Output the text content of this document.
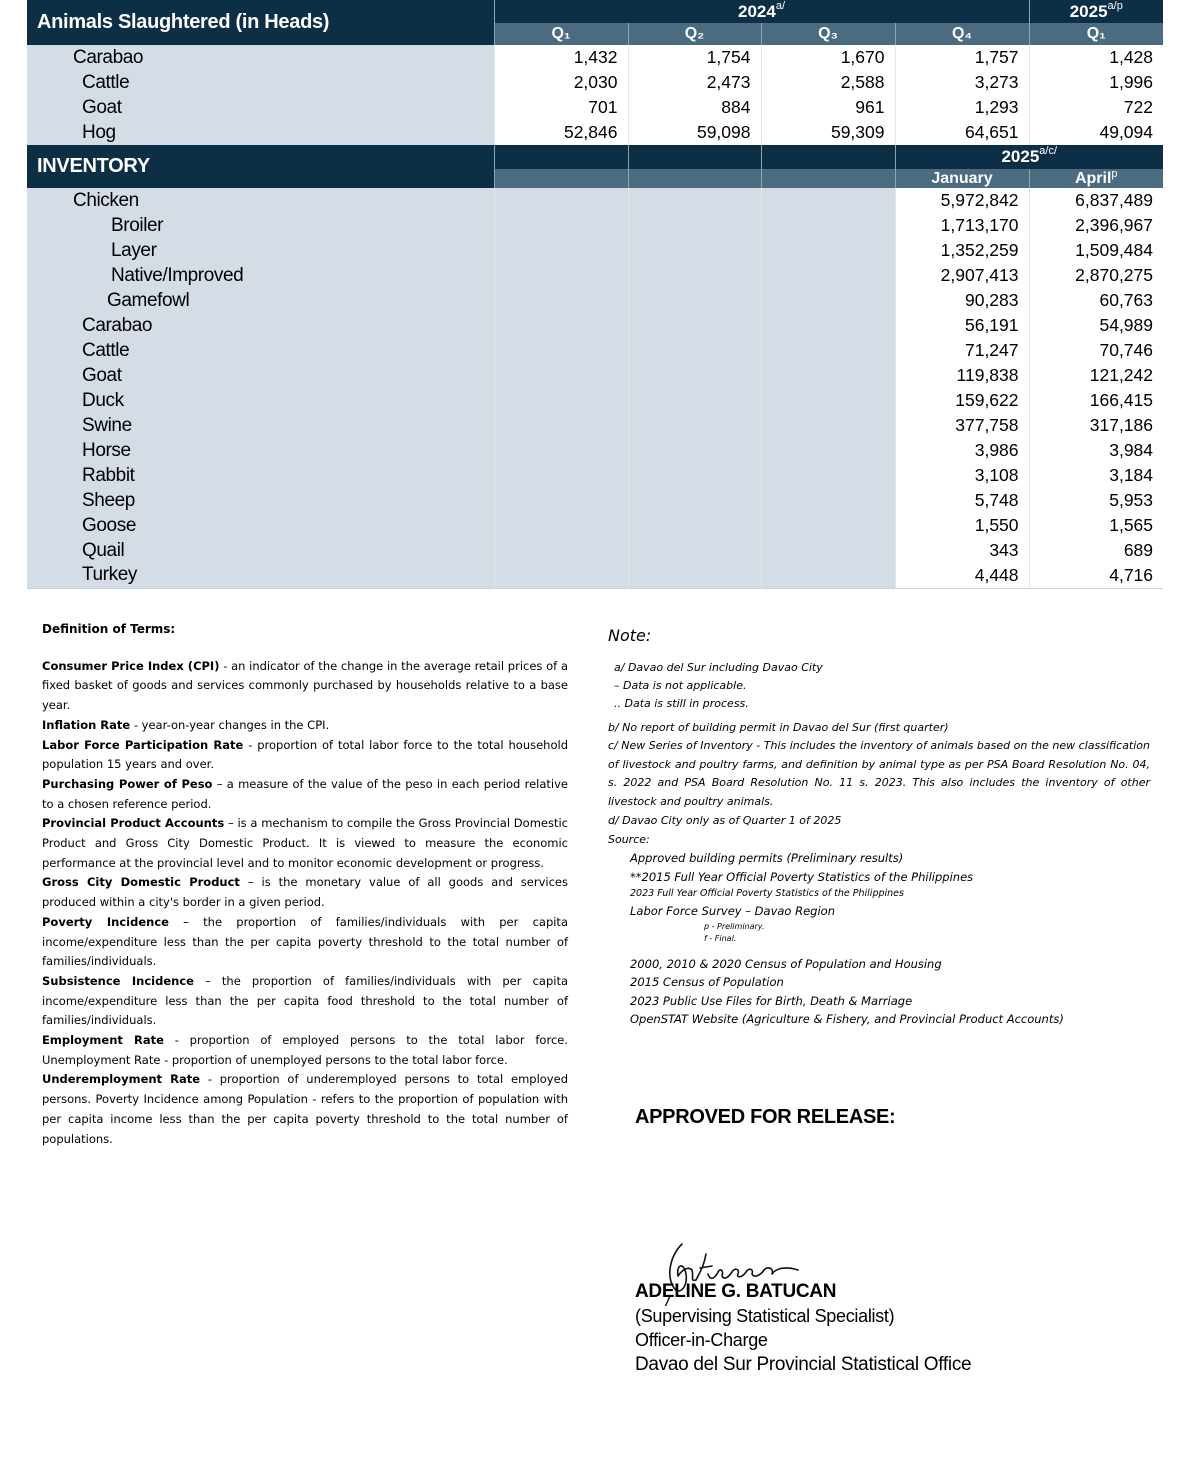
Animals Slaughtered (in Heads)	$2024^{a/}$				$2025^{a/p}$
	Q₁	Q₂	Q₃	Q₄	Q₁
Carabao	1,432	1,754	1,670	1,757	1,428
Cattle	2,030	2,473	2,588	3,273	1,996
Goat	701	884	961	1,293	722
Hog	52,846	59,098	59,309	64,651	49,094
INVENTORY				$2025^{a/c/}$
				January	April$^p$
Chicken				5,972,842	6,837,489
Broiler				1,713,170	2,396,967
Layer				1,352,259	1,509,484
Native/Improved				2,907,413	2,870,275
Gamefowl				90,283	60,763
Carabao				56,191	54,989
Cattle				71,247	70,746
Goat				119,838	121,242
Duck				159,622	166,415
Swine				377,758	317,186
Horse				3,986	3,984
Rabbit				3,108	3,184
Sheep				5,748	5,953
Goose				1,550	1,565
Quail				343	689
Turkey				4,448	4,716
Definition of Terms:

Consumer Price Index (CPI) - an indicator of the change in the average retail prices of a fixed basket of goods and services commonly purchased by households relative to a base year.

Inflation Rate - year-on-year changes in the CPI.

Labor Force Participation Rate - proportion of total labor force to the total household population 15 years and over.

Purchasing Power of Peso – a measure of the value of the peso in each period relative to a chosen reference period.

Provincial Product Accounts – is a mechanism to compile the Gross Provincial Domestic Product and Gross City Domestic Product. It is viewed to measure the economic performance at the provincial level and to monitor economic development or progress.

Gross City Domestic Product – is the monetary value of all goods and services produced within a city's border in a given period.

Poverty Incidence – the proportion of families/individuals with per capita income/expenditure less than the per capita poverty threshold to the total number of families/individuals.

Subsistence Incidence – the proportion of families/individuals with per capita income/expenditure less than the per capita food threshold to the total number of families/individuals.

Employment Rate - proportion of employed persons to the total labor force. Unemployment Rate - proportion of unemployed persons to the total labor force.

Underemployment Rate - proportion of underemployed persons to total employed persons. Poverty Incidence among Population - refers to the proportion of population with per capita income less than the per capita poverty threshold to the total number of populations.

Note:
a/ Davao del Sur including Davao City
– Data is not applicable.
.. Data is still in process.
b/ No report of building permit in Davao del Sur (first quarter)
c/ New Series of Inventory - This includes the inventory of animals based on the new classification of livestock and poultry farms, and definition by animal type as per PSA Board Resolution No. 04, s. 2022 and PSA Board Resolution No. 11 s. 2023. This also includes the inventory of other livestock and poultry animals.
d/ Davao City only as of Quarter 1 of 2025
Source:
Approved building permits (Preliminary results)
**2015 Full Year Official Poverty Statistics of the Philippines
2023 Full Year Official Poverty Statistics of the Philippines
Labor Force Survey – Davao Region
p - Preliminary.
f - Final.
2000, 2010 & 2020 Census of Population and Housing
2015 Census of Population
2023 Public Use Files for Birth, Death & Marriage
OpenSTAT Website (Agriculture & Fishery, and Provincial Product Accounts)
APPROVED FOR RELEASE:
ADELINE G. BATUCAN
(Supervising Statistical Specialist)
Officer-in-Charge
Davao del Sur Provincial Statistical Office
